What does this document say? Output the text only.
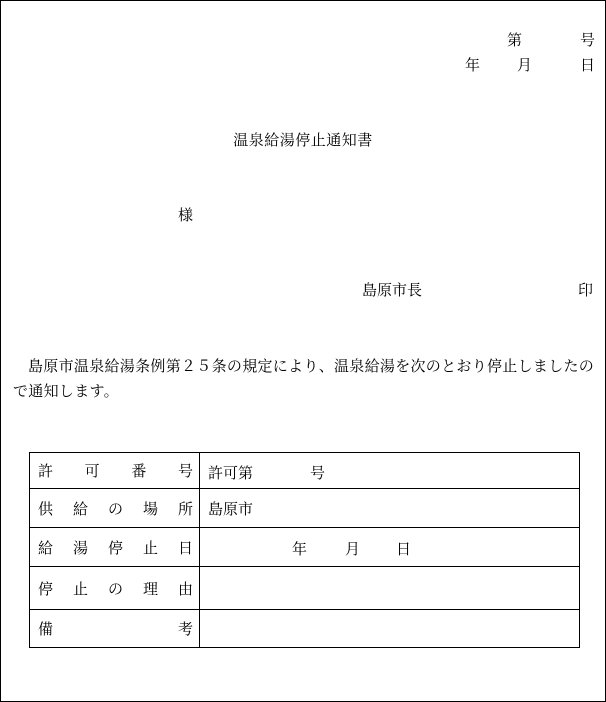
第	号
年 月	日
温泉給湯停止通知書
様
島原市長	印
島原市温泉給湯条例第２５条の規定により、温泉給湯を次のとおり停止しましたので通知します。
許 可 番 号	許可第 号

供 給 の 場 所	島原市

給 湯 停 止 日	年 月 日

停 止 の 理 由	

備 考	
